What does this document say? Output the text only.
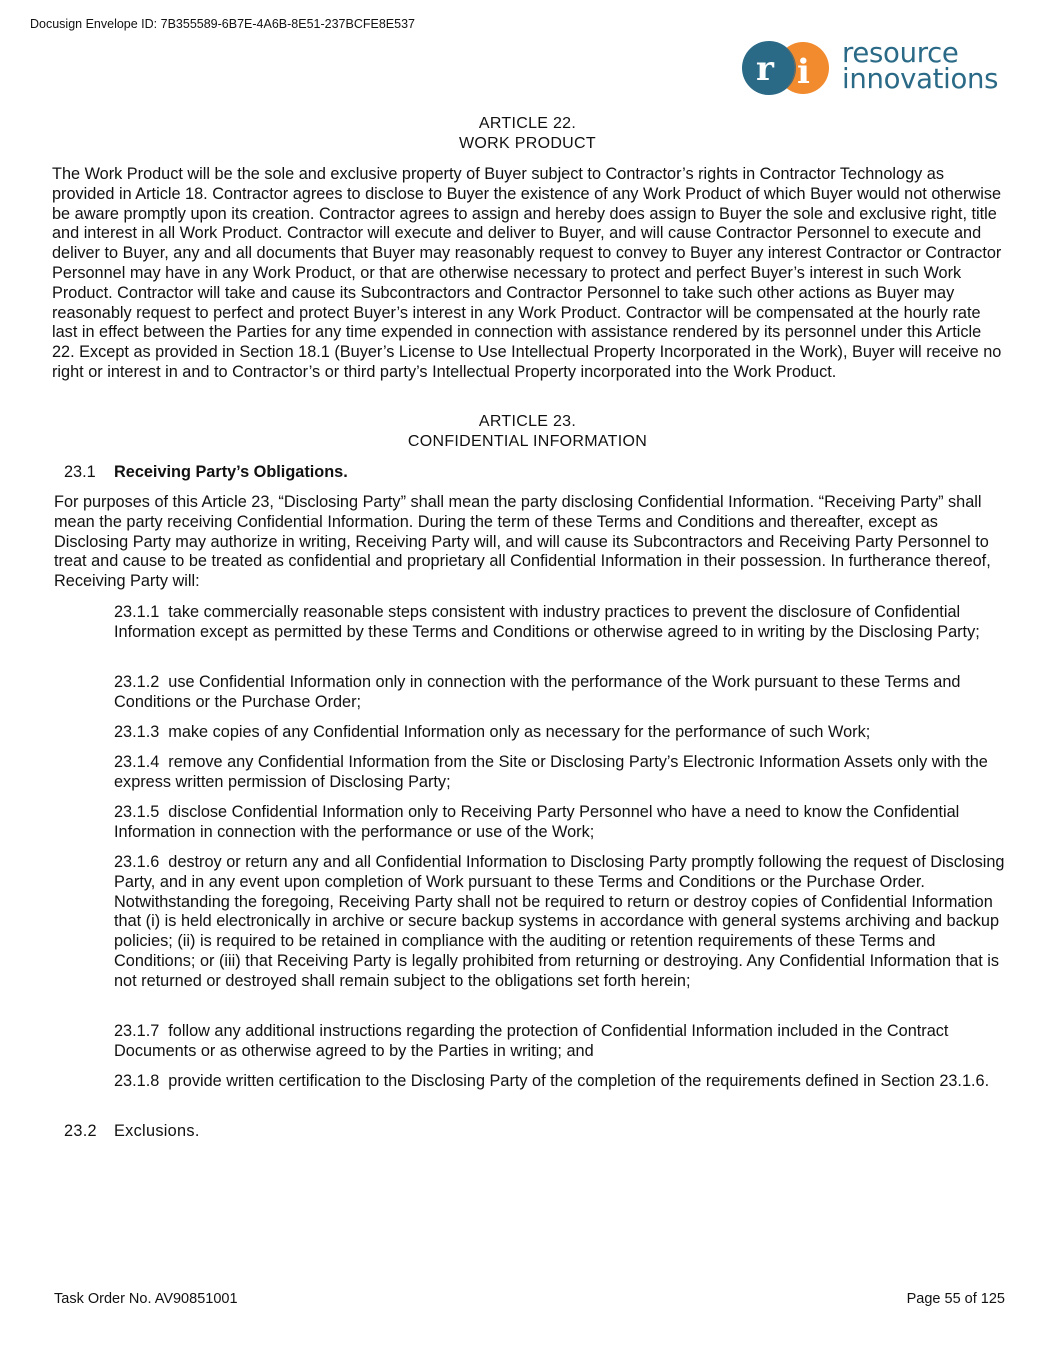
Docusign Envelope ID: 7B355589-6B7E-4A6B-8E51-237BCFE8E537
r i resource
innovations
ARTICLE 22.
WORK PRODUCT

The Work Product will be the sole and exclusive property of Buyer subject to Contractor’s rights in Contractor Technology as provided in Article 18. Contractor agrees to disclose to Buyer the existence of any Work Product of which Buyer would not otherwise be aware promptly upon its creation. Contractor agrees to assign and hereby does assign to Buyer the sole and exclusive right, title and interest in all Work Product. Contractor will execute and deliver to Buyer, and will cause Contractor Personnel to execute and deliver to Buyer, any and all documents that Buyer may reasonably request to convey to Buyer any interest Contractor or Contractor Personnel may have in any Work Product, or that are otherwise necessary to protect and perfect Buyer’s interest in such Work Product. Contractor will take and cause its Subcontractors and Contractor Personnel to take such other actions as Buyer may reasonably request to perfect and protect Buyer’s interest in any Work Product. Contractor will be compensated at the hourly rate last in effect between the Parties for any time expended in connection with assistance rendered by its personnel under this Article 22. Except as provided in Section 18.1 (Buyer’s License to Use Intellectual Property Incorporated in the Work), Buyer will receive no right or interest in and to Contractor’s or third party’s Intellectual Property incorporated into the Work Product.

ARTICLE 23.
CONFIDENTIAL INFORMATION
23.1 Receiving Party’s Obligations.

For purposes of this Article 23, “Disclosing Party” shall mean the party disclosing Confidential Information. “Receiving Party” shall mean the party receiving Confidential Information. During the term of these Terms and Conditions and thereafter, except as Disclosing Party may authorize in writing, Receiving Party will, and will cause its Subcontractors and Receiving Party Personnel to treat and cause to be treated as confidential and proprietary all Confidential Information in their possession. In furtherance thereof, Receiving Party will:

23.1.1 take commercially reasonable steps consistent with industry practices to prevent the disclosure of Confidential Information except as permitted by these Terms and Conditions or otherwise agreed to in writing by the Disclosing Party;

23.1.2 use Confidential Information only in connection with the performance of the Work pursuant to these Terms and Conditions or the Purchase Order;

23.1.3 make copies of any Confidential Information only as necessary for the performance of such Work;

23.1.4 remove any Confidential Information from the Site or Disclosing Party’s Electronic Information Assets only with the express written permission of Disclosing Party;

23.1.5 disclose Confidential Information only to Receiving Party Personnel who have a need to know the Confidential Information in connection with the performance or use of the Work;

23.1.6 destroy or return any and all Confidential Information to Disclosing Party promptly following the request of Disclosing Party, and in any event upon completion of Work pursuant to these Terms and Conditions or the Purchase Order. Notwithstanding the foregoing, Receiving Party shall not be required to return or destroy copies of Confidential Information that (i) is held electronically in archive or secure backup systems in accordance with general systems archiving and backup policies; (ii) is required to be retained in compliance with the auditing or retention requirements of these Terms and Conditions; or (iii) that Receiving Party is legally prohibited from returning or destroying. Any Confidential Information that is not returned or destroyed shall remain subject to the obligations set forth herein;

23.1.7 follow any additional instructions regarding the protection of Confidential Information included in the Contract Documents or as otherwise agreed to by the Parties in writing; and

23.1.8 provide written certification to the Disclosing Party of the completion of the requirements defined in Section 23.1.6.

23.2 Exclusions.
Task Order No. AV90851001	Page 55 of 125
